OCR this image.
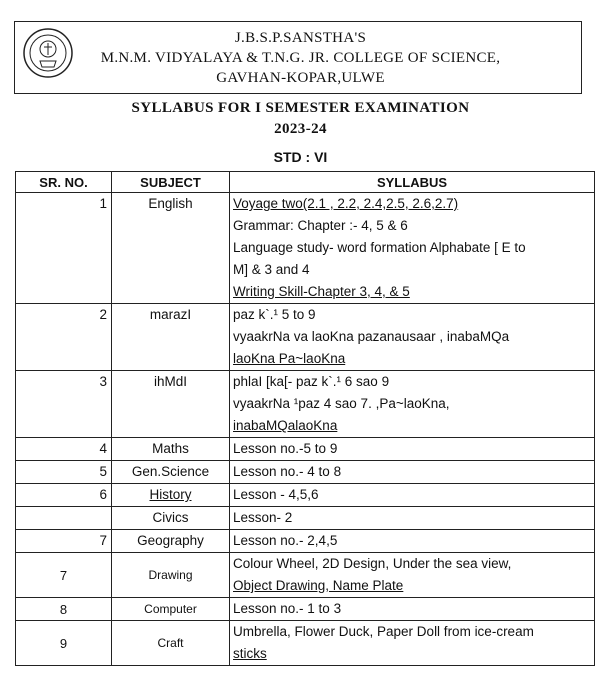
J.B.S.P.SANSTHA'S
M.N.M. VIDYALAYA & T.N.G. JR. COLLEGE OF SCIENCE,
GAVHAN-KOPAR,ULWE
SYLLABUS FOR I SEMESTER EXAMINATION
2023-24
STD : VI
SR. NO.	SUBJECT	SYLLABUS

1	English	Voyage two(2.1 , 2.2, 2.4,2.5, 2.6,2.7)
Grammar: Chapter :- 4, 5 & 6
Language study- word formation Alphabate [ E to
M] & 3 and 4
Writing Skill-Chapter 3, 4, & 5

2	marazI	paz k`.¹ 5 to 9
vyaakrNa va laoKna pazanausaar , inabaMQa
laoKna Pa~laoKna

3	ihMdI	phlaI [ka[- paz k`.¹ 6 sao 9
vyaakrNa ¹paz 4 sao 7. ,Pa~laoKna,
inabaMQalaoKna

4	Maths	Lesson no.-5 to 9

5	Gen.Science	Lesson no.- 4 to 8

6	History	Lesson - 4,5,6

	Civics	Lesson- 2

7	Geography	Lesson no.- 2,4,5

7	Drawing	Colour Wheel, 2D Design, Under the sea view,
Object Drawing, Name Plate

8	Computer	Lesson no.- 1 to 3

9	Craft	Umbrella, Flower Duck, Paper Doll from ice-cream
sticks
